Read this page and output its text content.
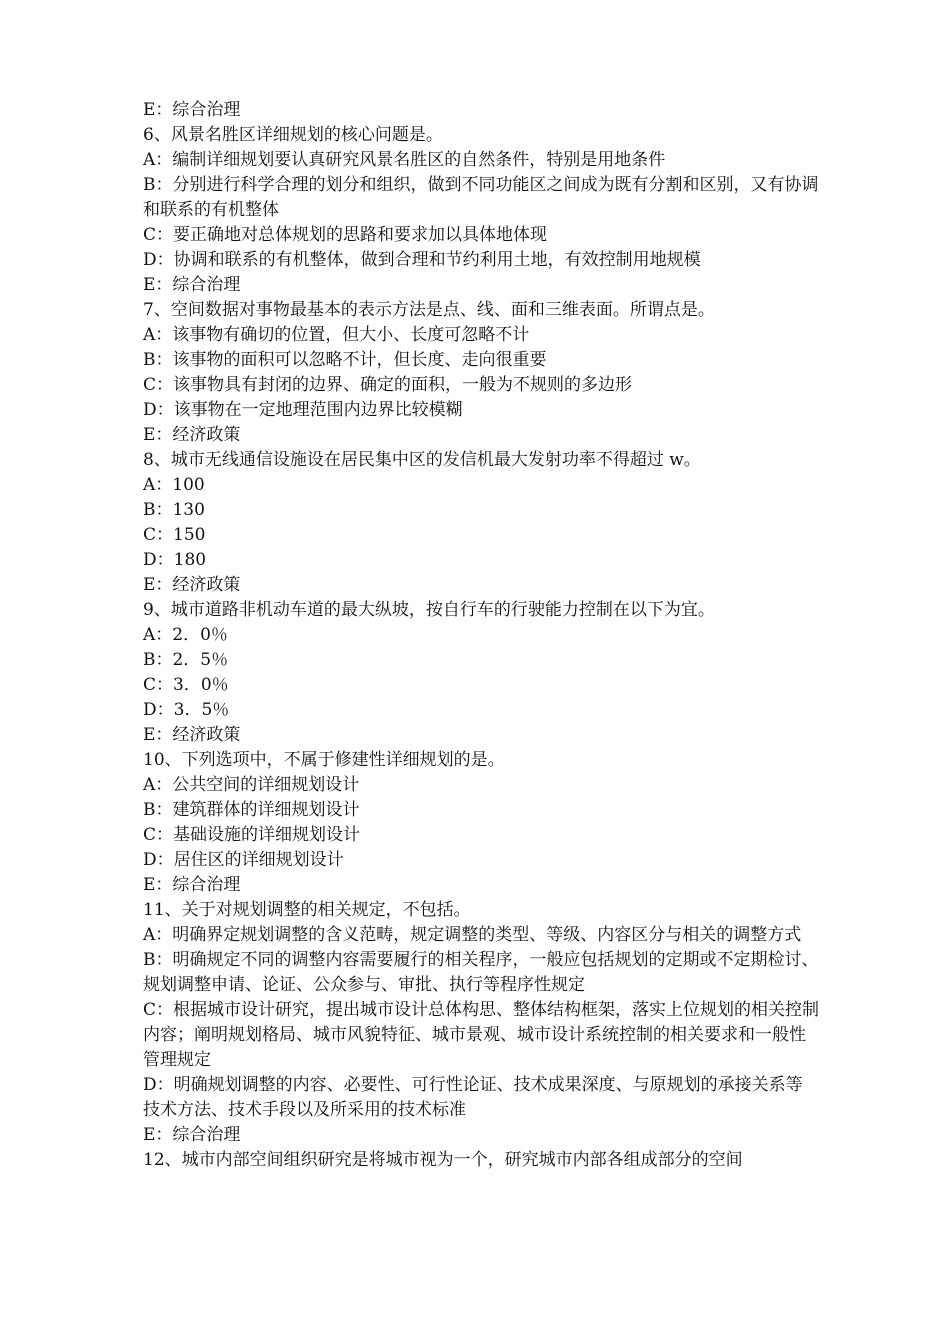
E：综合治理

6、风景名胜区详细规划的核心问题是。

A：编制详细规划要认真研究风景名胜区的自然条件，特别是用地条件

B：分别进行科学合理的划分和组织，做到不同功能区之间成为既有分割和区别，又有协调和联系的有机整体

C：要正确地对总体规划的思路和要求加以具体地体现

D：协调和联系的有机整体，做到合理和节约利用土地，有效控制用地规模

E：综合治理

7、空间数据对事物最基本的表示方法是点、线、面和三维表面。所谓点是。

A：该事物有确切的位置，但大小、长度可忽略不计

B：该事物的面积可以忽略不计，但长度、走向很重要

C：该事物具有封闭的边界、确定的面积，一般为不规则的多边形

D：该事物在一定地理范围内边界比较模糊

E：经济政策

8、城市无线通信设施设在居民集中区的发信机最大发射功率不得超过 w。

A：100

B：130

C：150

D：180

E：经济政策

9、城市道路非机动车道的最大纵坡，按自行车的行驶能力控制在以下为宜。

A：2．0％

B：2．5％

C：3．0％

D：3．5％

E：经济政策

10、下列选项中，不属于修建性详细规划的是。

A：公共空间的详细规划设计

B：建筑群体的详细规划设计

C：基础设施的详细规划设计

D：居住区的详细规划设计

E：综合治理

11、关于对规划调整的相关规定，不包括。

A：明确界定规划调整的含义范畴，规定调整的类型、等级、内容区分与相关的调整方式

B：明确规定不同的调整内容需要履行的相关程序，一般应包括规划的定期或不定期检讨、规划调整申请、论证、公众参与、审批、执行等程序性规定

C：根据城市设计研究，提出城市设计总体构思、整体结构框架，落实上位规划的相关控制内容；阐明规划格局、城市风貌特征、城市景观、城市设计系统控制的相关要求和一般性管理规定

D：明确规划调整的内容、必要性、可行性论证、技术成果深度、与原规划的承接关系等技术方法、技术手段以及所采用的技术标准

E：综合治理

12、城市内部空间组织研究是将城市视为一个，研究城市内部各组成部分的空间
